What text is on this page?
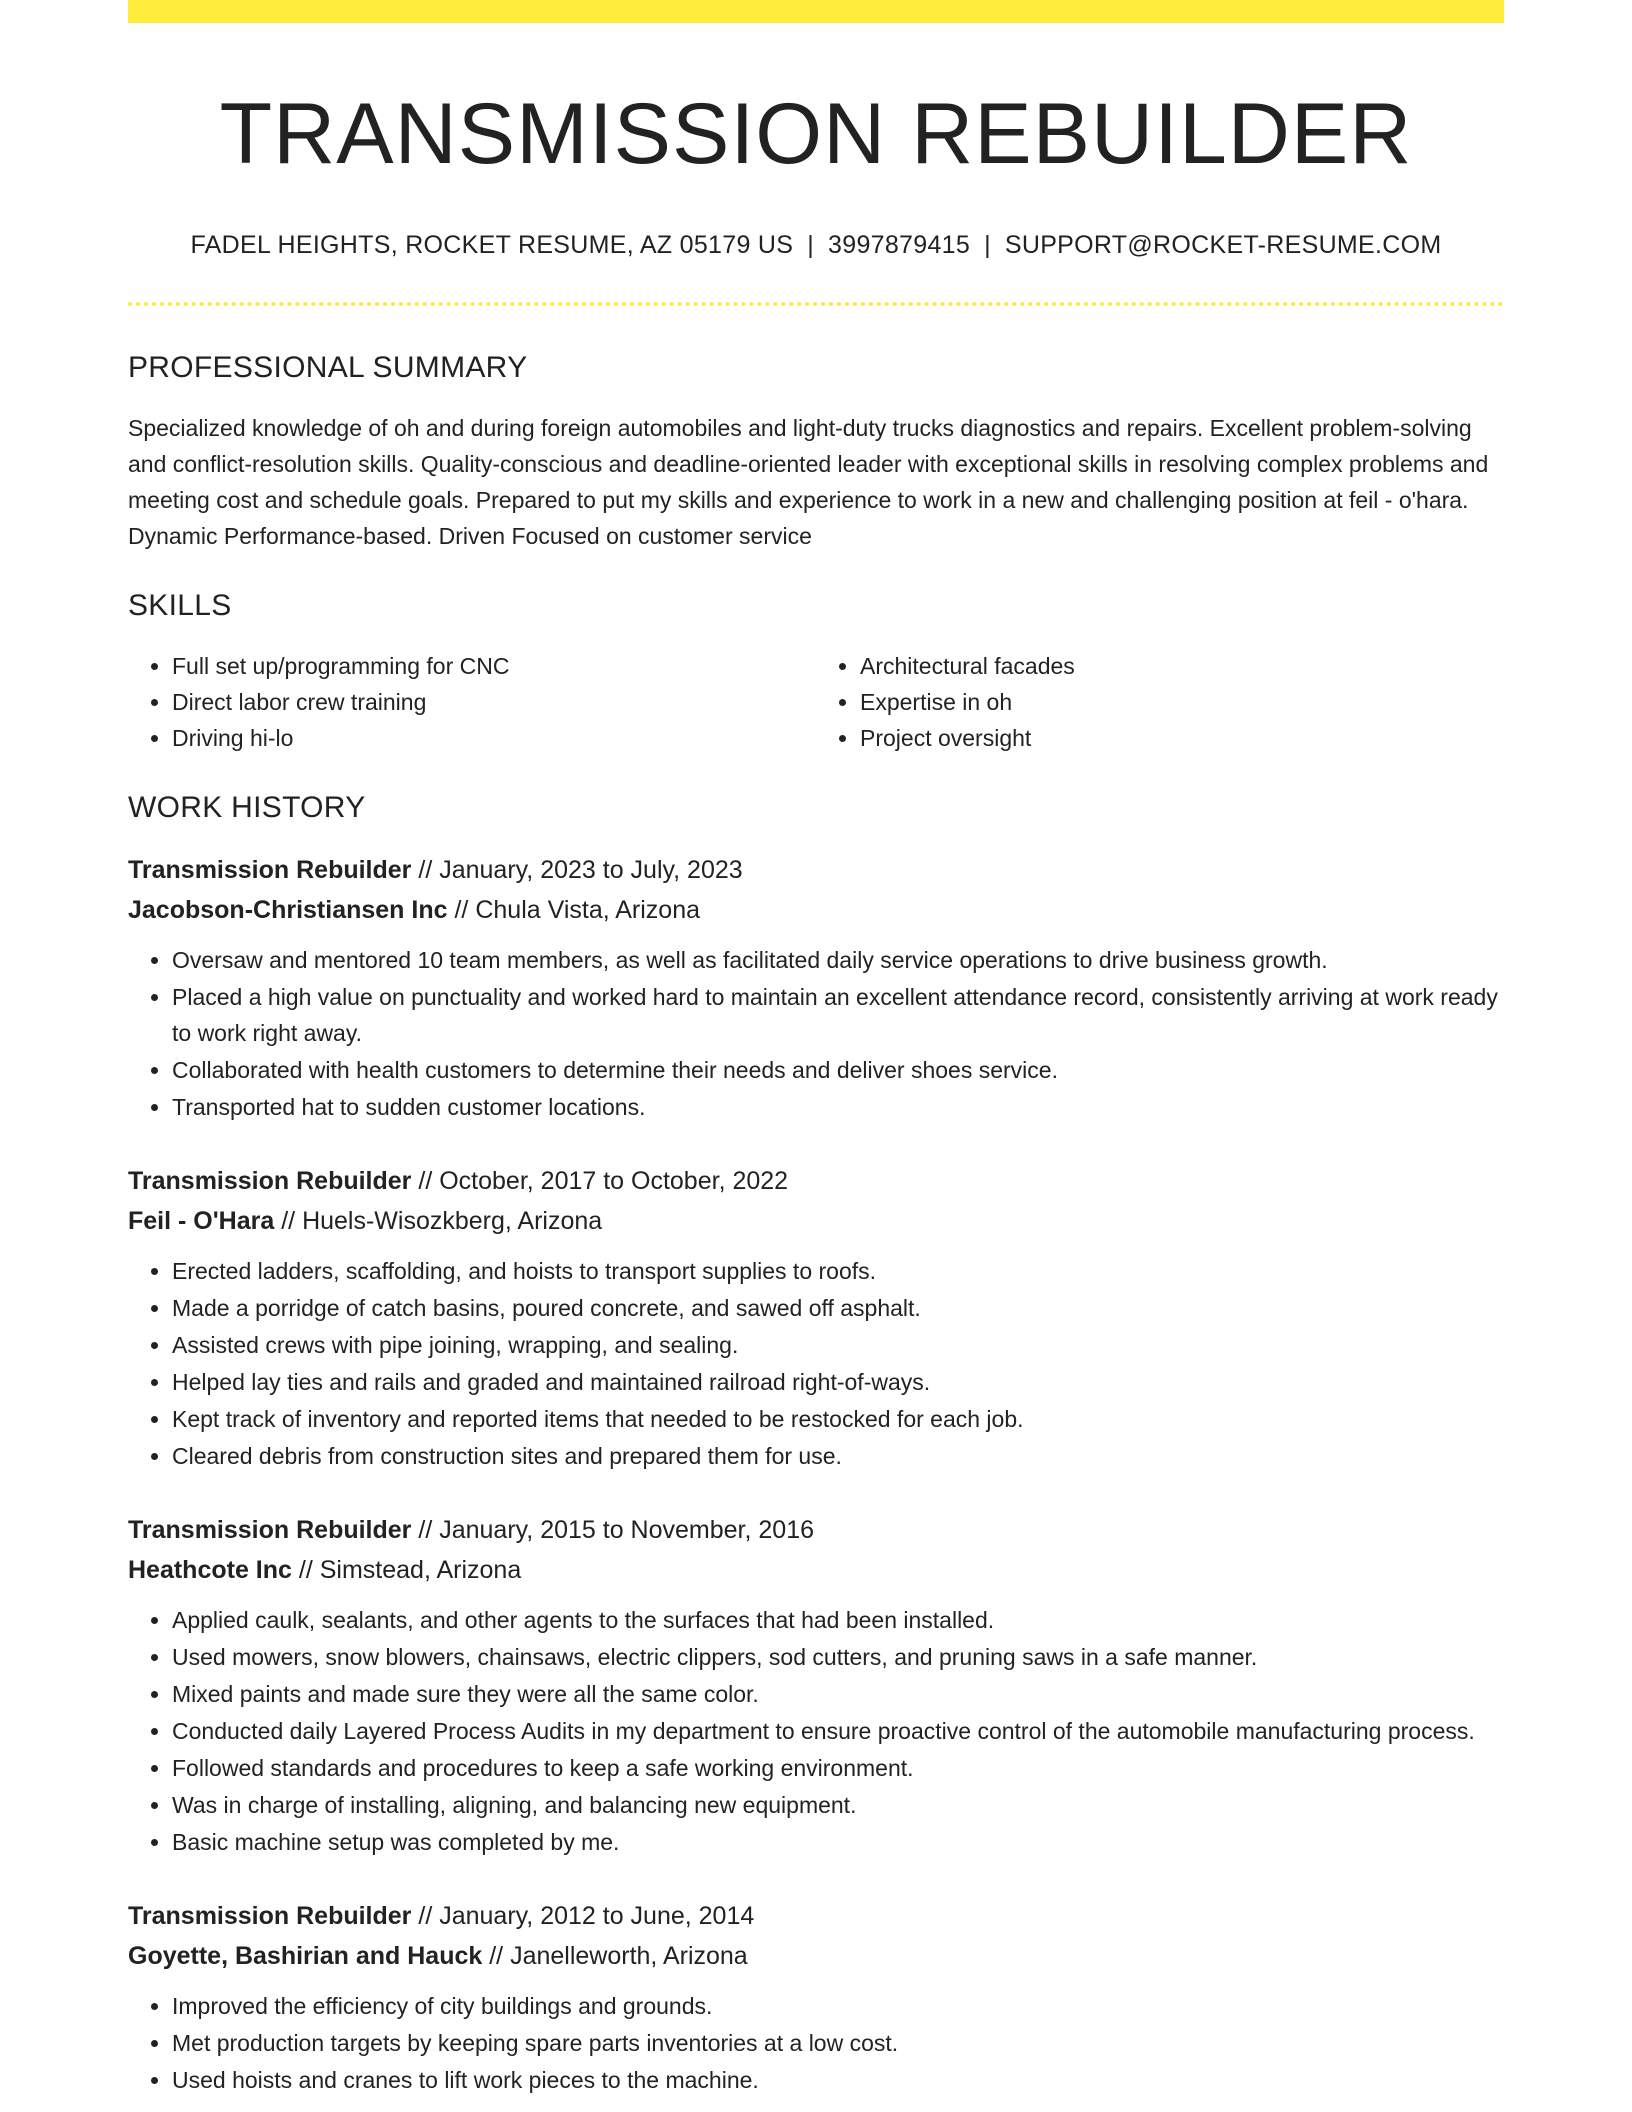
TRANSMISSION REBUILDER
FADEL HEIGHTS, ROCKET RESUME, AZ 05179 US | 3997879415 | SUPPORT@ROCKET-RESUME.COM
PROFESSIONAL SUMMARY

Specialized knowledge of oh and during foreign automobiles and light-duty trucks diagnostics and repairs. Excellent problem-solving and conflict-resolution skills. Quality-conscious and deadline-oriented leader with exceptional skills in resolving complex problems and meeting cost and schedule goals. Prepared to put my skills and experience to work in a new and challenging position at feil - o'hara. Dynamic Performance-based. Driven Focused on customer service

SKILLS
• Full set up/programming for CNC
• Direct labor crew training
• Driving hi-lo
• Architectural facades
• Expertise in oh
• Project oversight
WORK HISTORY
Transmission Rebuilder // January, 2023 to July, 2023
Jacobson-Christiansen Inc // Chula Vista, Arizona
• Oversaw and mentored 10 team members, as well as facilitated daily service operations to drive business growth.
• Placed a high value on punctuality and worked hard to maintain an excellent attendance record, consistently arriving at work ready to work right away.
• Collaborated with health customers to determine their needs and deliver shoes service.
• Transported hat to sudden customer locations.
Transmission Rebuilder // October, 2017 to October, 2022
Feil - O'Hara // Huels-Wisozkberg, Arizona
• Erected ladders, scaffolding, and hoists to transport supplies to roofs.
• Made a porridge of catch basins, poured concrete, and sawed off asphalt.
• Assisted crews with pipe joining, wrapping, and sealing.
• Helped lay ties and rails and graded and maintained railroad right-of-ways.
• Kept track of inventory and reported items that needed to be restocked for each job.
• Cleared debris from construction sites and prepared them for use.
Transmission Rebuilder // January, 2015 to November, 2016
Heathcote Inc // Simstead, Arizona
• Applied caulk, sealants, and other agents to the surfaces that had been installed.
• Used mowers, snow blowers, chainsaws, electric clippers, sod cutters, and pruning saws in a safe manner.
• Mixed paints and made sure they were all the same color.
• Conducted daily Layered Process Audits in my department to ensure proactive control of the automobile manufacturing process.
• Followed standards and procedures to keep a safe working environment.
• Was in charge of installing, aligning, and balancing new equipment.
• Basic machine setup was completed by me.
Transmission Rebuilder // January, 2012 to June, 2014
Goyette, Bashirian and Hauck // Janelleworth, Arizona
• Improved the efficiency of city buildings and grounds.
• Met production targets by keeping spare parts inventories at a low cost.
• Used hoists and cranes to lift work pieces to the machine.
